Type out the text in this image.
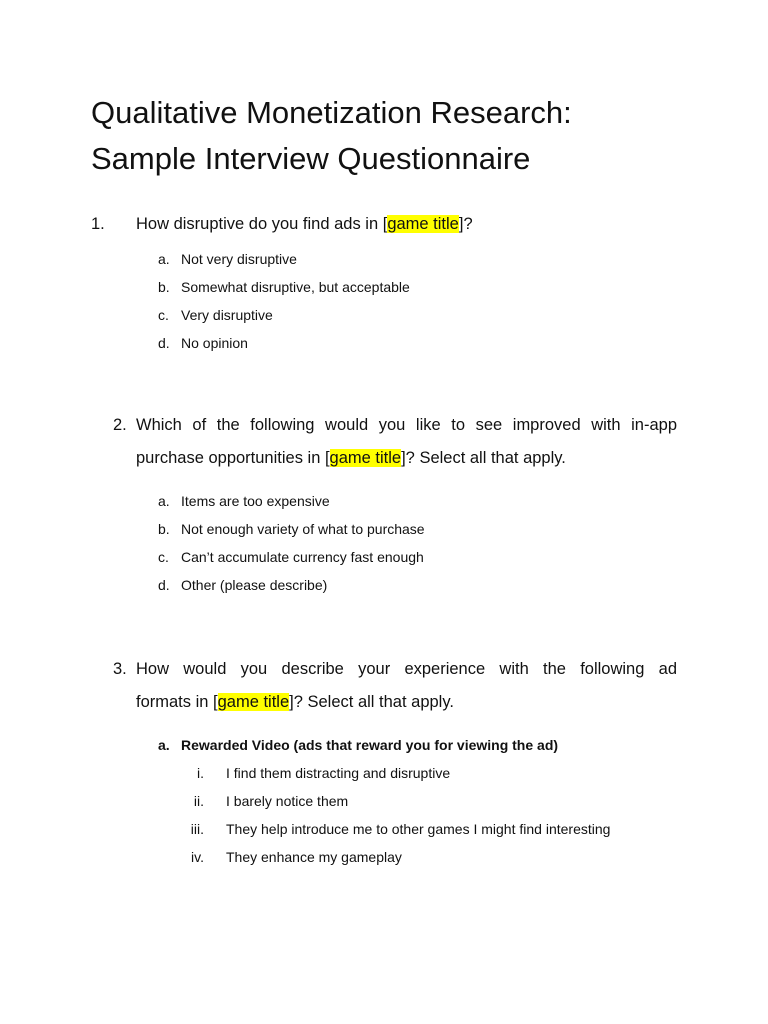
Qualitative Monetization Research:
Sample Interview Questionnaire
1. How disruptive do you find ads in [game title]?
a. Not very disruptive
b. Somewhat disruptive, but acceptable
c. Very disruptive
d. No opinion
2. Which of the following would you like to see improved with in-app
purchase opportunities in [game title]? Select all that apply.
a. Items are too expensive
b. Not enough variety of what to purchase
c. Can’t accumulate currency fast enough
d. Other (please describe)
3. How would you describe your experience with the following ad
formats in [game title]? Select all that apply.
a. Rewarded Video (ads that reward you for viewing the ad)
i. I find them distracting and disruptive
ii. I barely notice them
iii. They help introduce me to other games I might find interesting
iv. They enhance my gameplay
